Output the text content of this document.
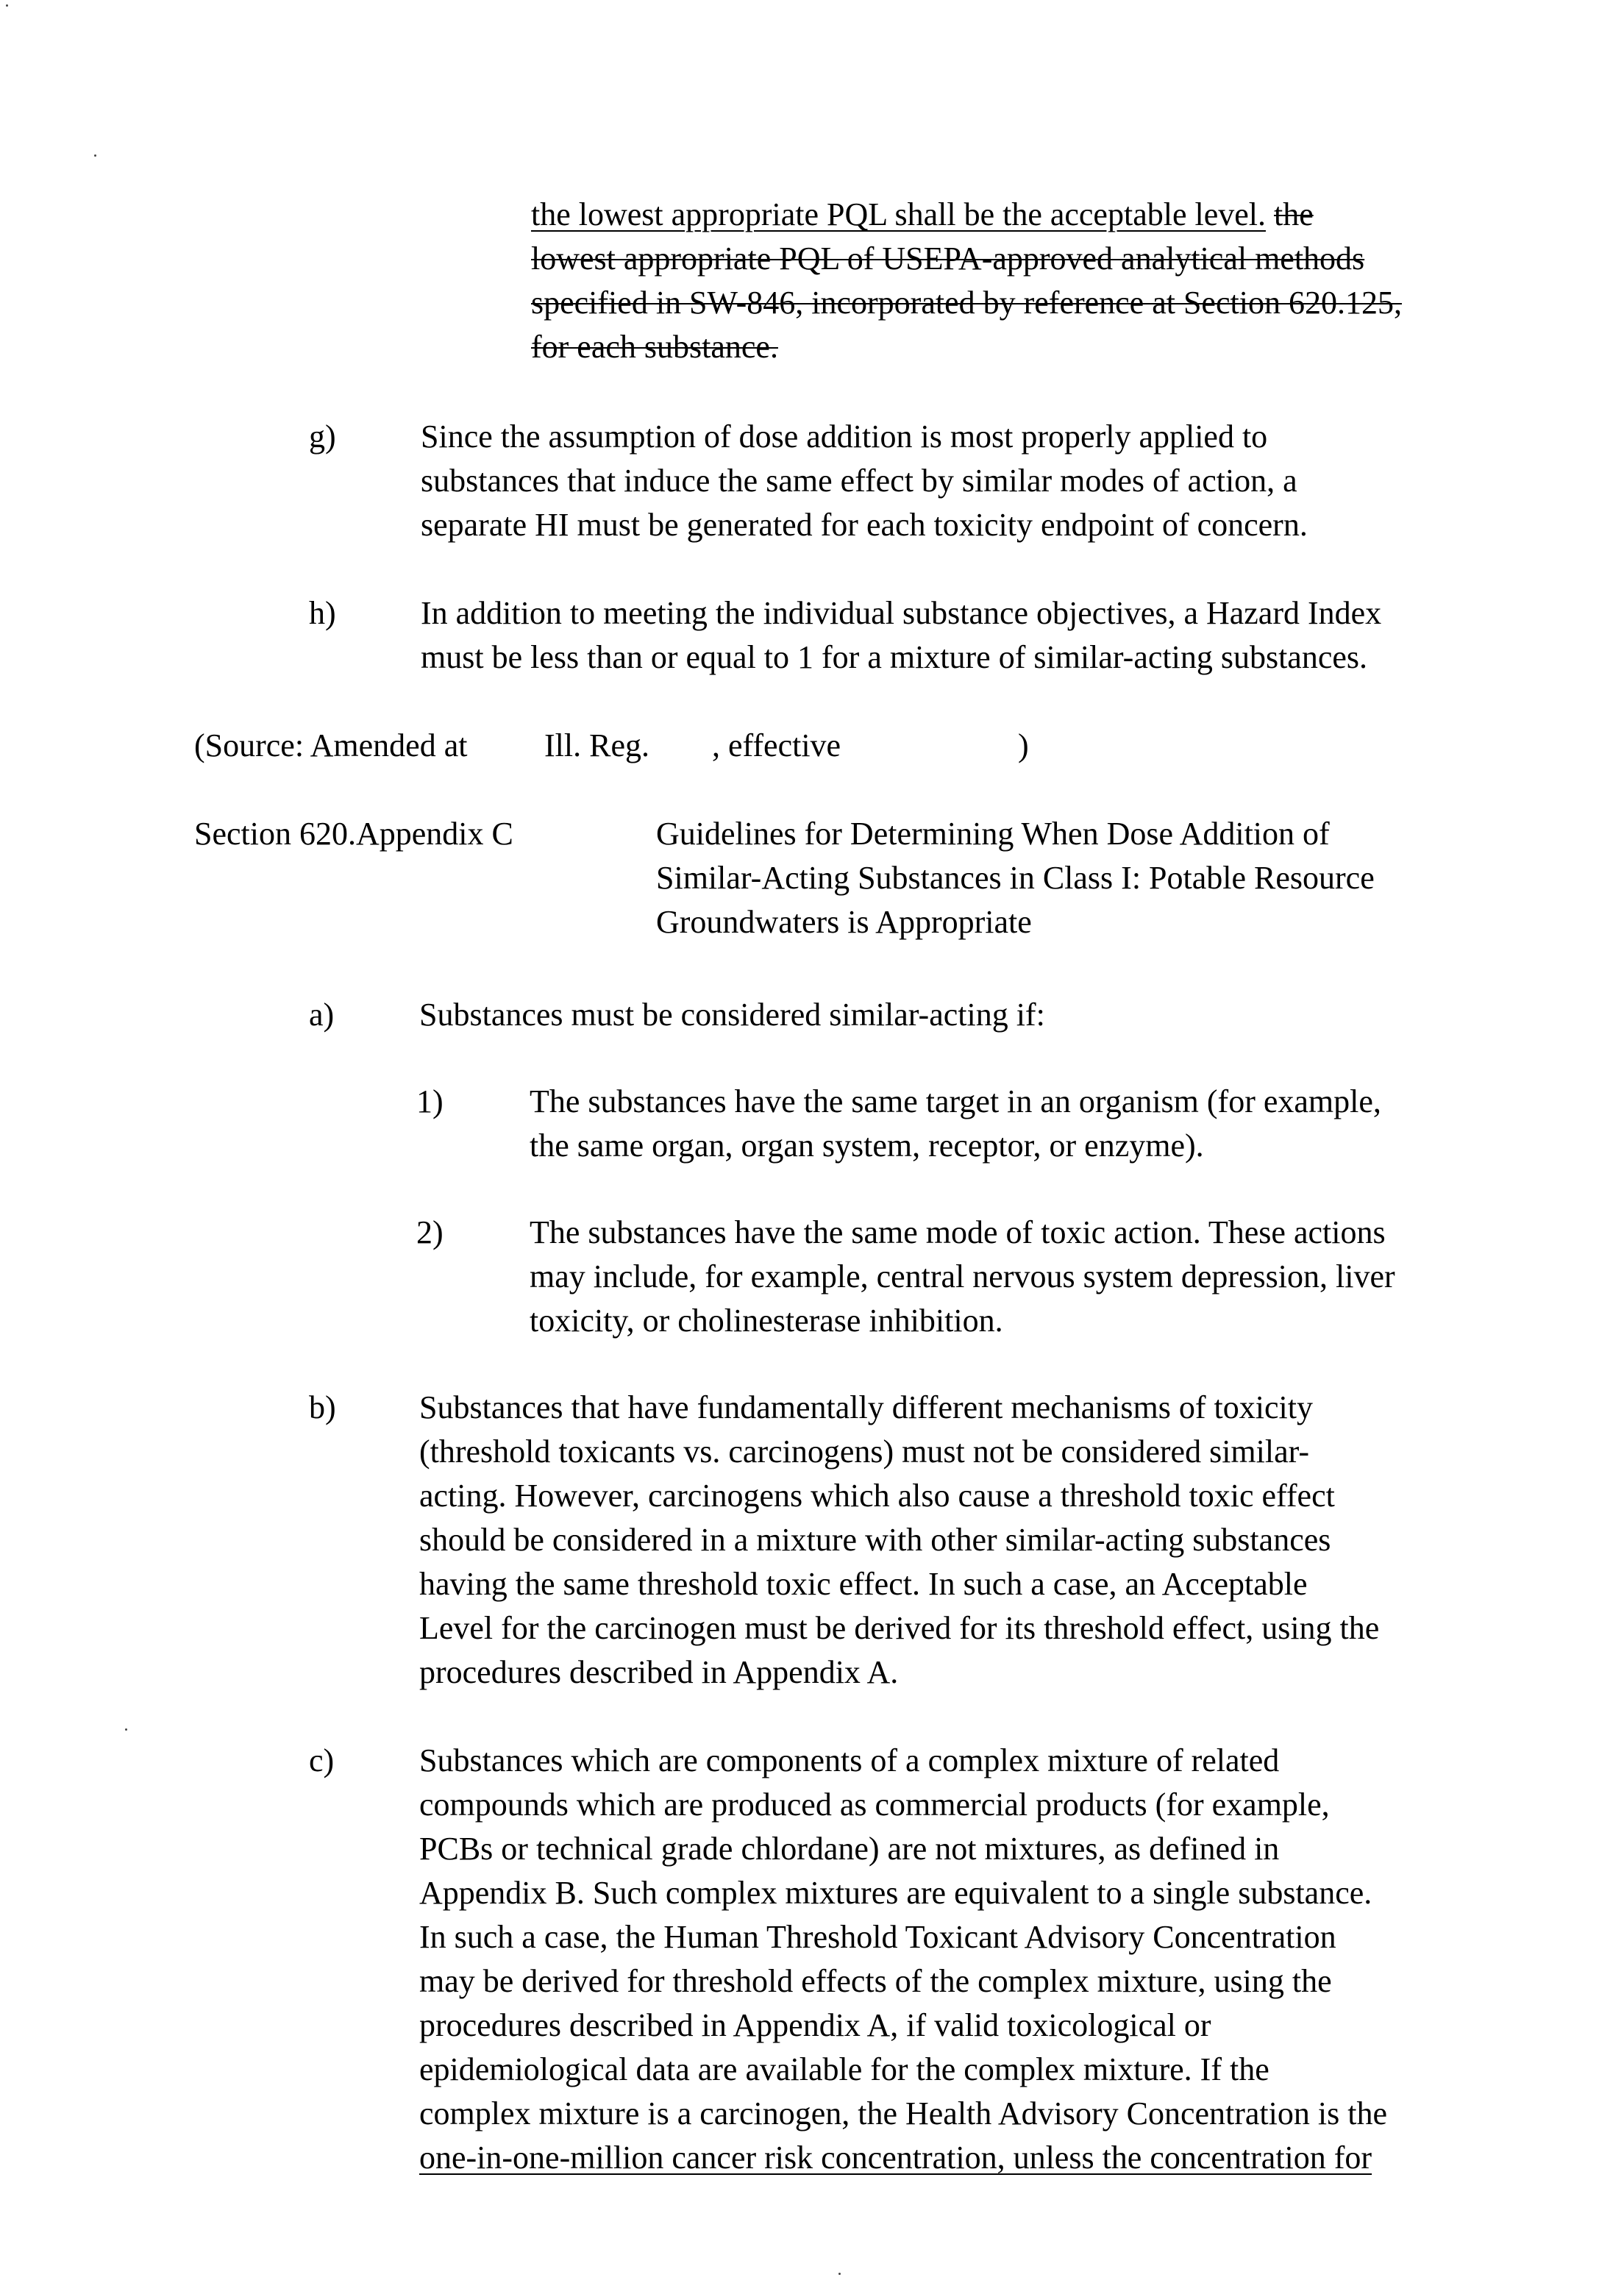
the lowest appropriate PQL shall be the acceptable level. the
lowest appropriate PQL of USEPA-approved analytical methods
specified in SW-846, incorporated by reference at Section 620.125,
for each substance.
g)	Since the assumption of dose addition is most properly applied to
substances that induce the same effect by similar modes of action, a
separate HI must be generated for each toxicity endpoint of concern.
h)	In addition to meeting the individual substance objectives, a Hazard Index
must be less than or equal to 1 for a mixture of similar-acting substances.
(Source: Amended at Ill. Reg. , effective	)
Section 620.Appendix C	Guidelines for Determining When Dose Addition of
Similar-Acting Substances in Class I: Potable Resource
Groundwaters is Appropriate
a)	Substances must be considered similar-acting if:
1)	The substances have the same target in an organism (for example,
the same organ, organ system, receptor, or enzyme).
2)	The substances have the same mode of toxic action. These actions
may include, for example, central nervous system depression, liver
toxicity, or cholinesterase inhibition.
b)	Substances that have fundamentally different mechanisms of toxicity
(threshold toxicants vs. carcinogens) must not be considered similar-
acting. However, carcinogens which also cause a threshold toxic effect
should be considered in a mixture with other similar-acting substances
having the same threshold toxic effect. In such a case, an Acceptable
Level for the carcinogen must be derived for its threshold effect, using the
procedures described in Appendix A.
c)	Substances which are components of a complex mixture of related
compounds which are produced as commercial products (for example,
PCBs or technical grade chlordane) are not mixtures, as defined in
Appendix B. Such complex mixtures are equivalent to a single substance.
In such a case, the Human Threshold Toxicant Advisory Concentration
may be derived for threshold effects of the complex mixture, using the
procedures described in Appendix A, if valid toxicological or
epidemiological data are available for the complex mixture. If the
complex mixture is a carcinogen, the Health Advisory Concentration is the
one-in-one-million cancer risk concentration, unless the concentration for
